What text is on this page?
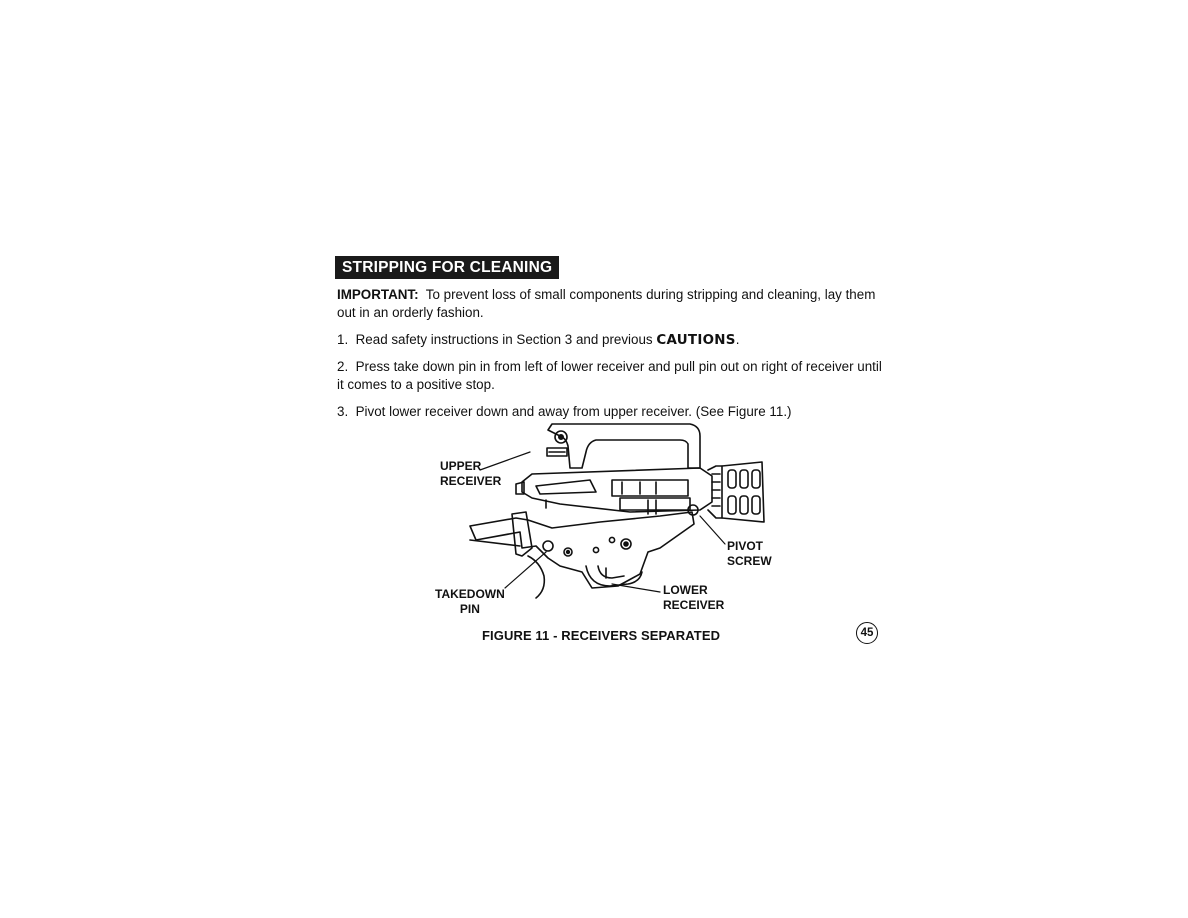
STRIPPING FOR CLEANING
IMPORTANT: To prevent loss of small components during stripping and cleaning, lay them out in an orderly fashion.
1. Read safety instructions in Section 3 and previous CAUTIONS.
2. Press take down pin in from left of lower receiver and pull pin out on right of receiver until it comes to a positive stop.
3. Pivot lower receiver down and away from upper receiver. (See Figure 11.)
UPPER
RECEIVER
PIVOT
SCREW
TAKEDOWN
PIN
LOWER
RECEIVER
FIGURE 11 - RECEIVERS SEPARATED	45
